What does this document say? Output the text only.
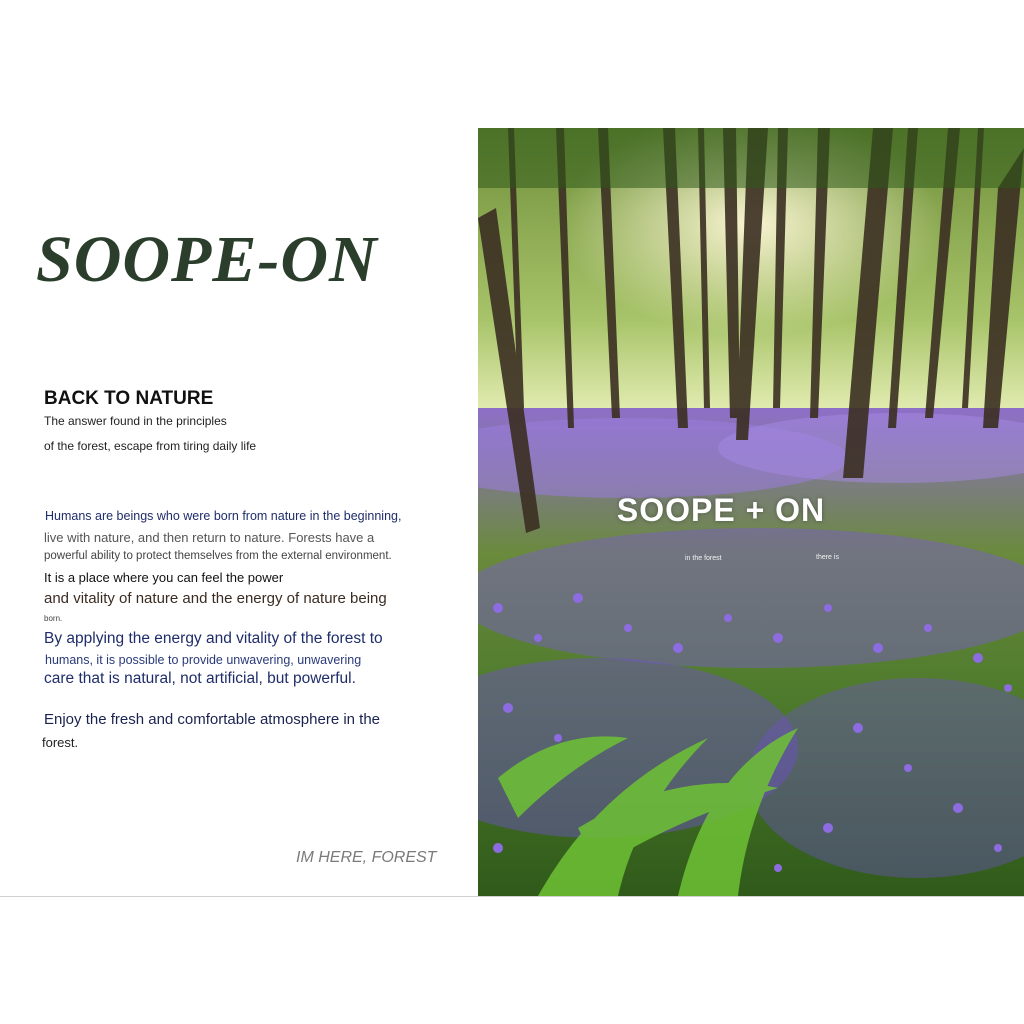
SOOPE-ON
BACK TO NATURE
The answer found in the principles
of the forest, escape from tiring daily life
Humans are beings who were born from nature in the beginning,
live with nature, and then return to nature. Forests have a
powerful ability to protect themselves from the external environment.
It is a place where you can feel the power
and vitality of nature and the energy of nature being
born.
By applying the energy and vitality of the forest to
humans, it is possible to provide unwavering, unwavering
care that is natural, not artificial, but powerful.
Enjoy the fresh and comfortable atmosphere in the
forest.
IM HERE, FOREST
SOOPE + ON
in the forest	there is
